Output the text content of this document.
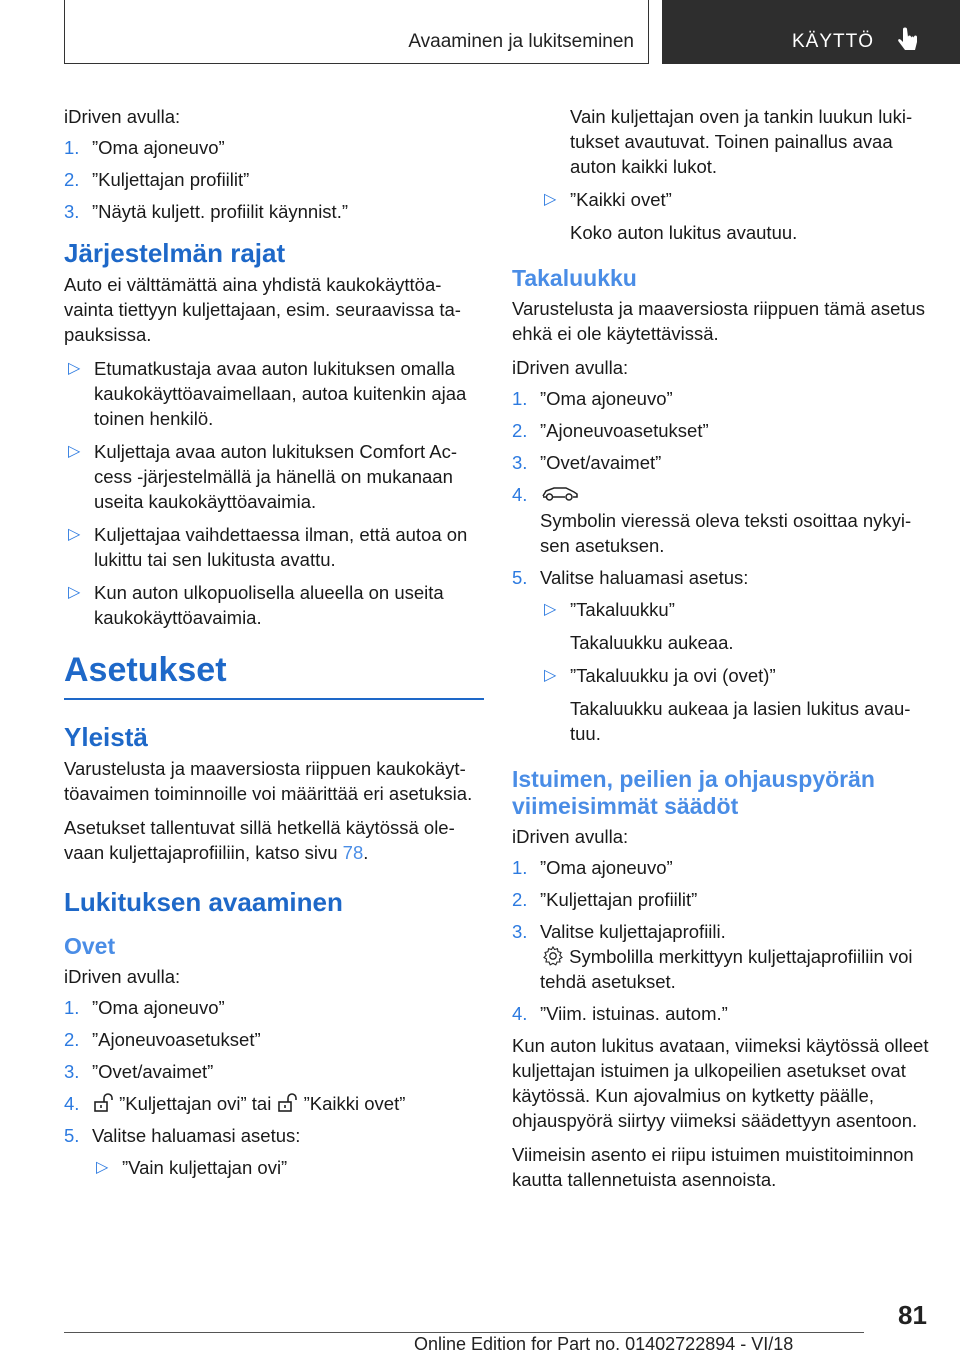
Avaaminen ja lukitseminen	KÄYTTÖ

iDriven avulla:

1. ”Oma ajoneuvo”
2. ”Kuljettajan profiilit”
3. ”Näytä kuljett. profiilit käynnist.”
Järjestelmän rajat

Auto ei välttämättä aina yhdistä kaukokäyttöavainta tiettyyn kuljettajaan, esim. seuraavissa tapauksissa.

▷ Etumatkustaja avaa auton lukituksen omalla kaukokäyttöavaimellaan, autoa kuitenkin ajaa toinen henkilö.
▷ Kuljettaja avaa auton lukituksen Comfort Access -järjestelmällä ja hänellä on mukanaan useita kaukokäyttöavaimia.
▷ Kuljettajaa vaihdettaessa ilman, että autoa on lukittu tai sen lukitusta avattu.
▷ Kun auton ulkopuolisella alueella on useita kaukokäyttöavaimia.
Asetukset
Yleistä

Varustelusta ja maaversiosta riippuen kaukokäyttöavaimen toiminnoille voi määrittää eri asetuksia.

Asetukset tallentuvat sillä hetkellä käytössä olevaan kuljettajaprofiiliin, katso sivu 78.

Lukituksen avaaminen
Ovet

iDriven avulla:

1. ”Oma ajoneuvo”
2. ”Ajoneuvoasetukset”
3. ”Ovet/avaimet”
4. ”Kuljettajan ovi” tai  ”Kaikki ovet”
5. Valitse haluamasi asetus:
▷ ”Vain kuljettajan ovi”

Vain kuljettajan oven ja tankin luukun lukitukset avautuvat. Toinen painallus avaa auton kaikki lukot.

▷ ”Kaikki ovet”

Koko auton lukitus avautuu.

Takaluukku

Varustelusta ja maaversiosta riippuen tämä asetus ehkä ei ole käytettävissä.

iDriven avulla:

1. ”Oma ajoneuvo”
2. ”Ajoneuvoasetukset”
3. ”Ovet/avaimet”
4.
Symbolin vieressä oleva teksti osoittaa nykyisen asetuksen.
5. Valitse haluamasi asetus:
▷ ”Takaluukku”

Takaluukku aukeaa.

▷ ”Takaluukku ja ovi (ovet)”

Takaluukku aukeaa ja lasien lukitus avautuu.

Istuimen, peilien ja ohjauspyörän viimeisimmät säädöt

iDriven avulla:

1. ”Oma ajoneuvo”
2. ”Kuljettajan profiilit”
3. Valitse kuljettajaprofiili.
Symbolilla merkittyyn kuljettajaprofiiliin voi tehdä asetukset.
4. ”Viim. istuinas. autom.”

Kun auton lukitus avataan, viimeksi käytössä olleet kuljettajan istuimen ja ulkopeilien asetukset ovat käytössä. Kun ajovalmius on kytketty päälle, ohjauspyörä siirtyy viimeksi säädettyyn asentoon.

Viimeisin asento ei riipu istuimen muistitoiminnon kautta tallennetuista asennoista.

81
Online Edition for Part no. 01402722894 - VI/18
